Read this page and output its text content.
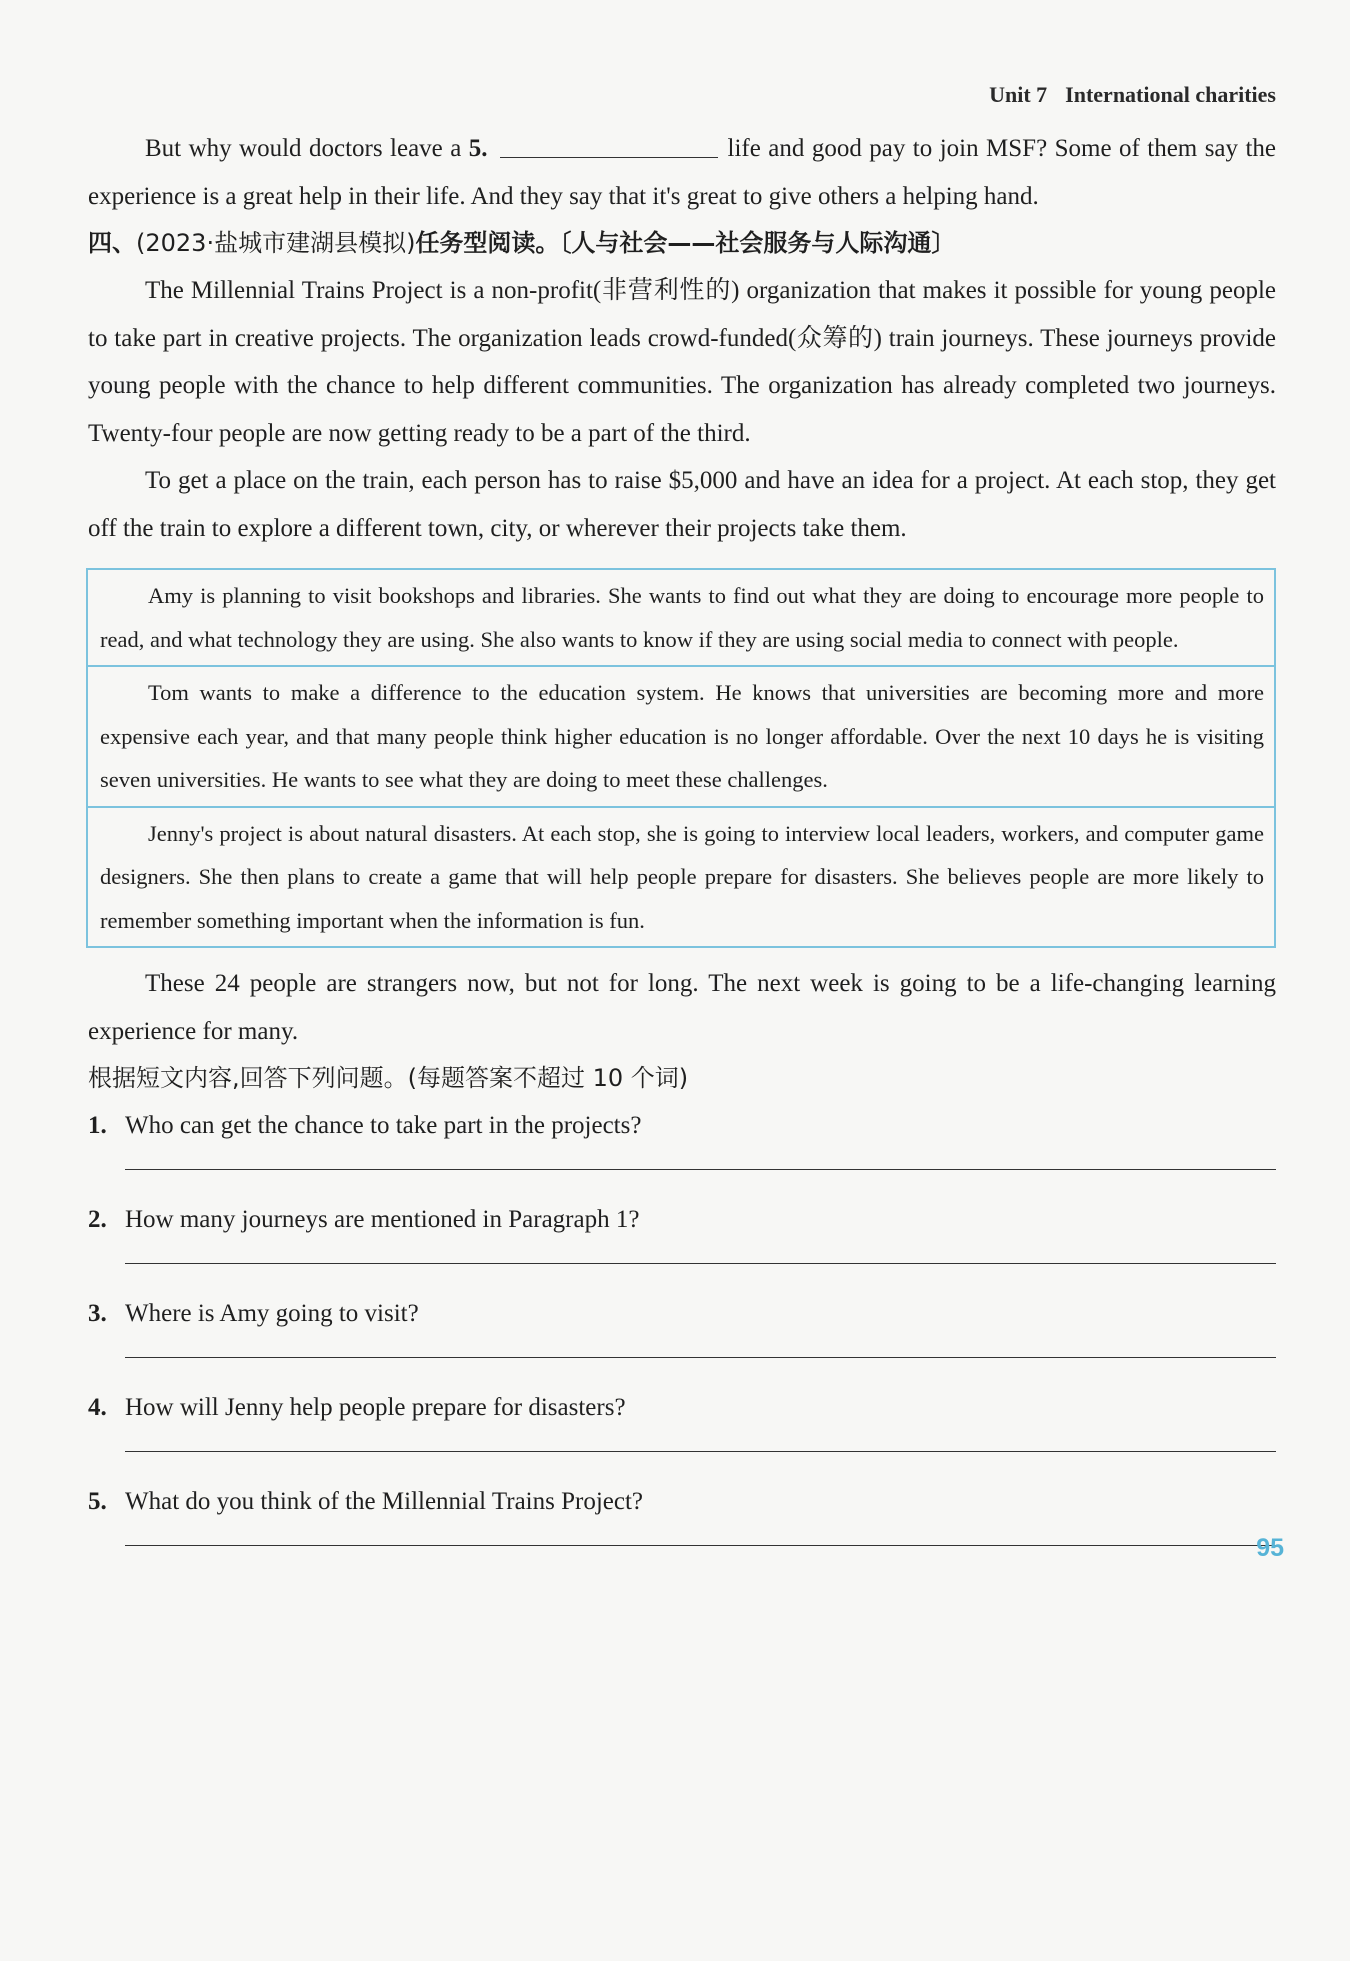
Unit 7 International charities

But why would doctors leave a 5.	life and good pay to join MSF? Some of them say the experience is a great help in their life. And they say that it's great to give others a helping hand.

四、(2023·盐城市建湖县模拟)任务型阅读。〔人与社会——社会服务与人际沟通〕

The Millennial Trains Project is a non-profit(非营利性的) organization that makes it possible for young people to take part in creative projects. The organization leads crowd-funded(众筹的) train journeys. These journeys provide young people with the chance to help different communities. The organization has already completed two journeys. Twenty-four people are now getting ready to be a part of the third.

To get a place on the train, each person has to raise $5,000 and have an idea for a project. At each stop, they get off the train to explore a different town, city, or wherever their projects take them.

Amy is planning to visit bookshops and libraries. She wants to find out what they are doing to encourage more people to read, and what technology they are using. She also wants to know if they are using social media to connect with people.
Tom wants to make a difference to the education system. He knows that universities are becoming more and more expensive each year, and that many people think higher education is no longer affordable. Over the next 10 days he is visiting seven universities. He wants to see what they are doing to meet these challenges.
Jenny's project is about natural disasters. At each stop, she is going to interview local leaders, workers, and computer game designers. She then plans to create a game that will help people prepare for disasters. She believes people are more likely to remember something important when the information is fun.

These 24 people are strangers now, but not for long. The next week is going to be a life-changing learning experience for many.

根据短文内容,回答下列问题。(每题答案不超过 10 个词)

1. Who can get the chance to take part in the projects?

2. How many journeys are mentioned in Paragraph 1?

3. Where is Amy going to visit?

4. How will Jenny help people prepare for disasters?

5. What do you think of the Millennial Trains Project?

95
